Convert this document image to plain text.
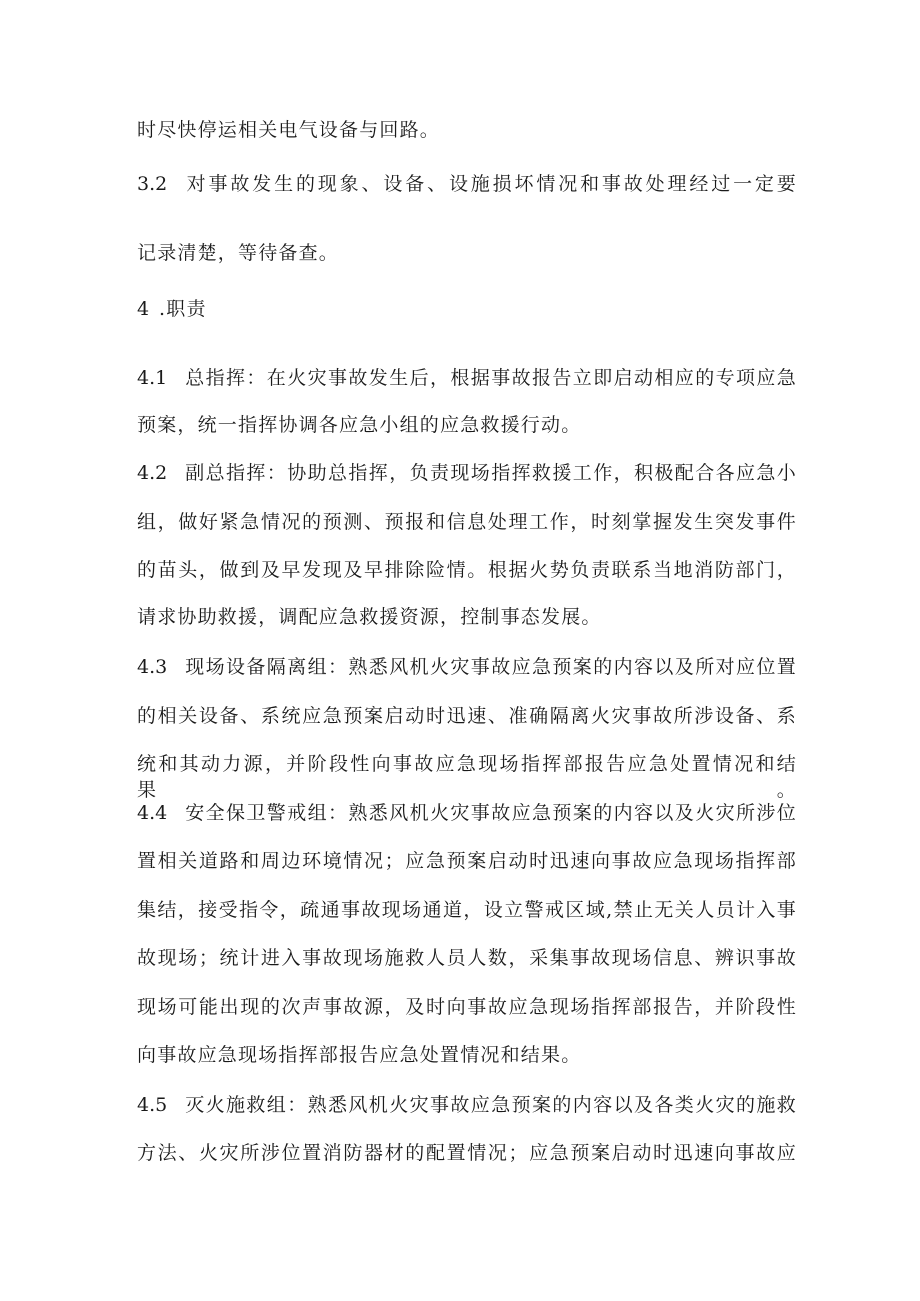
时尽快停运相关电气设备与回路。
3.2 对事故发生的现象、设备、设施损坏情况和事故处理经过一定要
记录清楚，等待备查。
4 .职责
4.1 总指挥：在火灾事故发生后，根据事故报告立即启动相应的专项应急
预案，统一指挥协调各应急小组的应急救援行动。
4.2 副总指挥：协助总指挥，负责现场指挥救援工作，积极配合各应急小
组，做好紧急情况的预测、预报和信息处理工作，时刻掌握发生突发事件
的苗头，做到及早发现及早排除险情。根据火势负责联系当地消防部门，
请求协助救援，调配应急救援资源，控制事态发展。
4.3 现场设备隔离组：熟悉风机火灾事故应急预案的内容以及所对应位置
的相关设备、系统应急预案启动时迅速、准确隔离火灾事故所涉设备、系
统和其动力源，并阶段性向事故应急现场指挥部报告应急处置情况和结果。
4.4 安全保卫警戒组：熟悉风机火灾事故应急预案的内容以及火灾所涉位
置相关道路和周边环境情况；应急预案启动时迅速向事故应急现场指挥部
集结，接受指令，疏通事故现场通道，设立警戒区域,禁止无关人员计入事
故现场；统计进入事故现场施救人员人数，采集事故现场信息、辨识事故
现场可能出现的次声事故源，及时向事故应急现场指挥部报告，并阶段性
向事故应急现场指挥部报告应急处置情况和结果。
4.5 灭火施救组：熟悉风机火灾事故应急预案的内容以及各类火灾的施救
方法、火灾所涉位置消防器材的配置情况；应急预案启动时迅速向事故应
